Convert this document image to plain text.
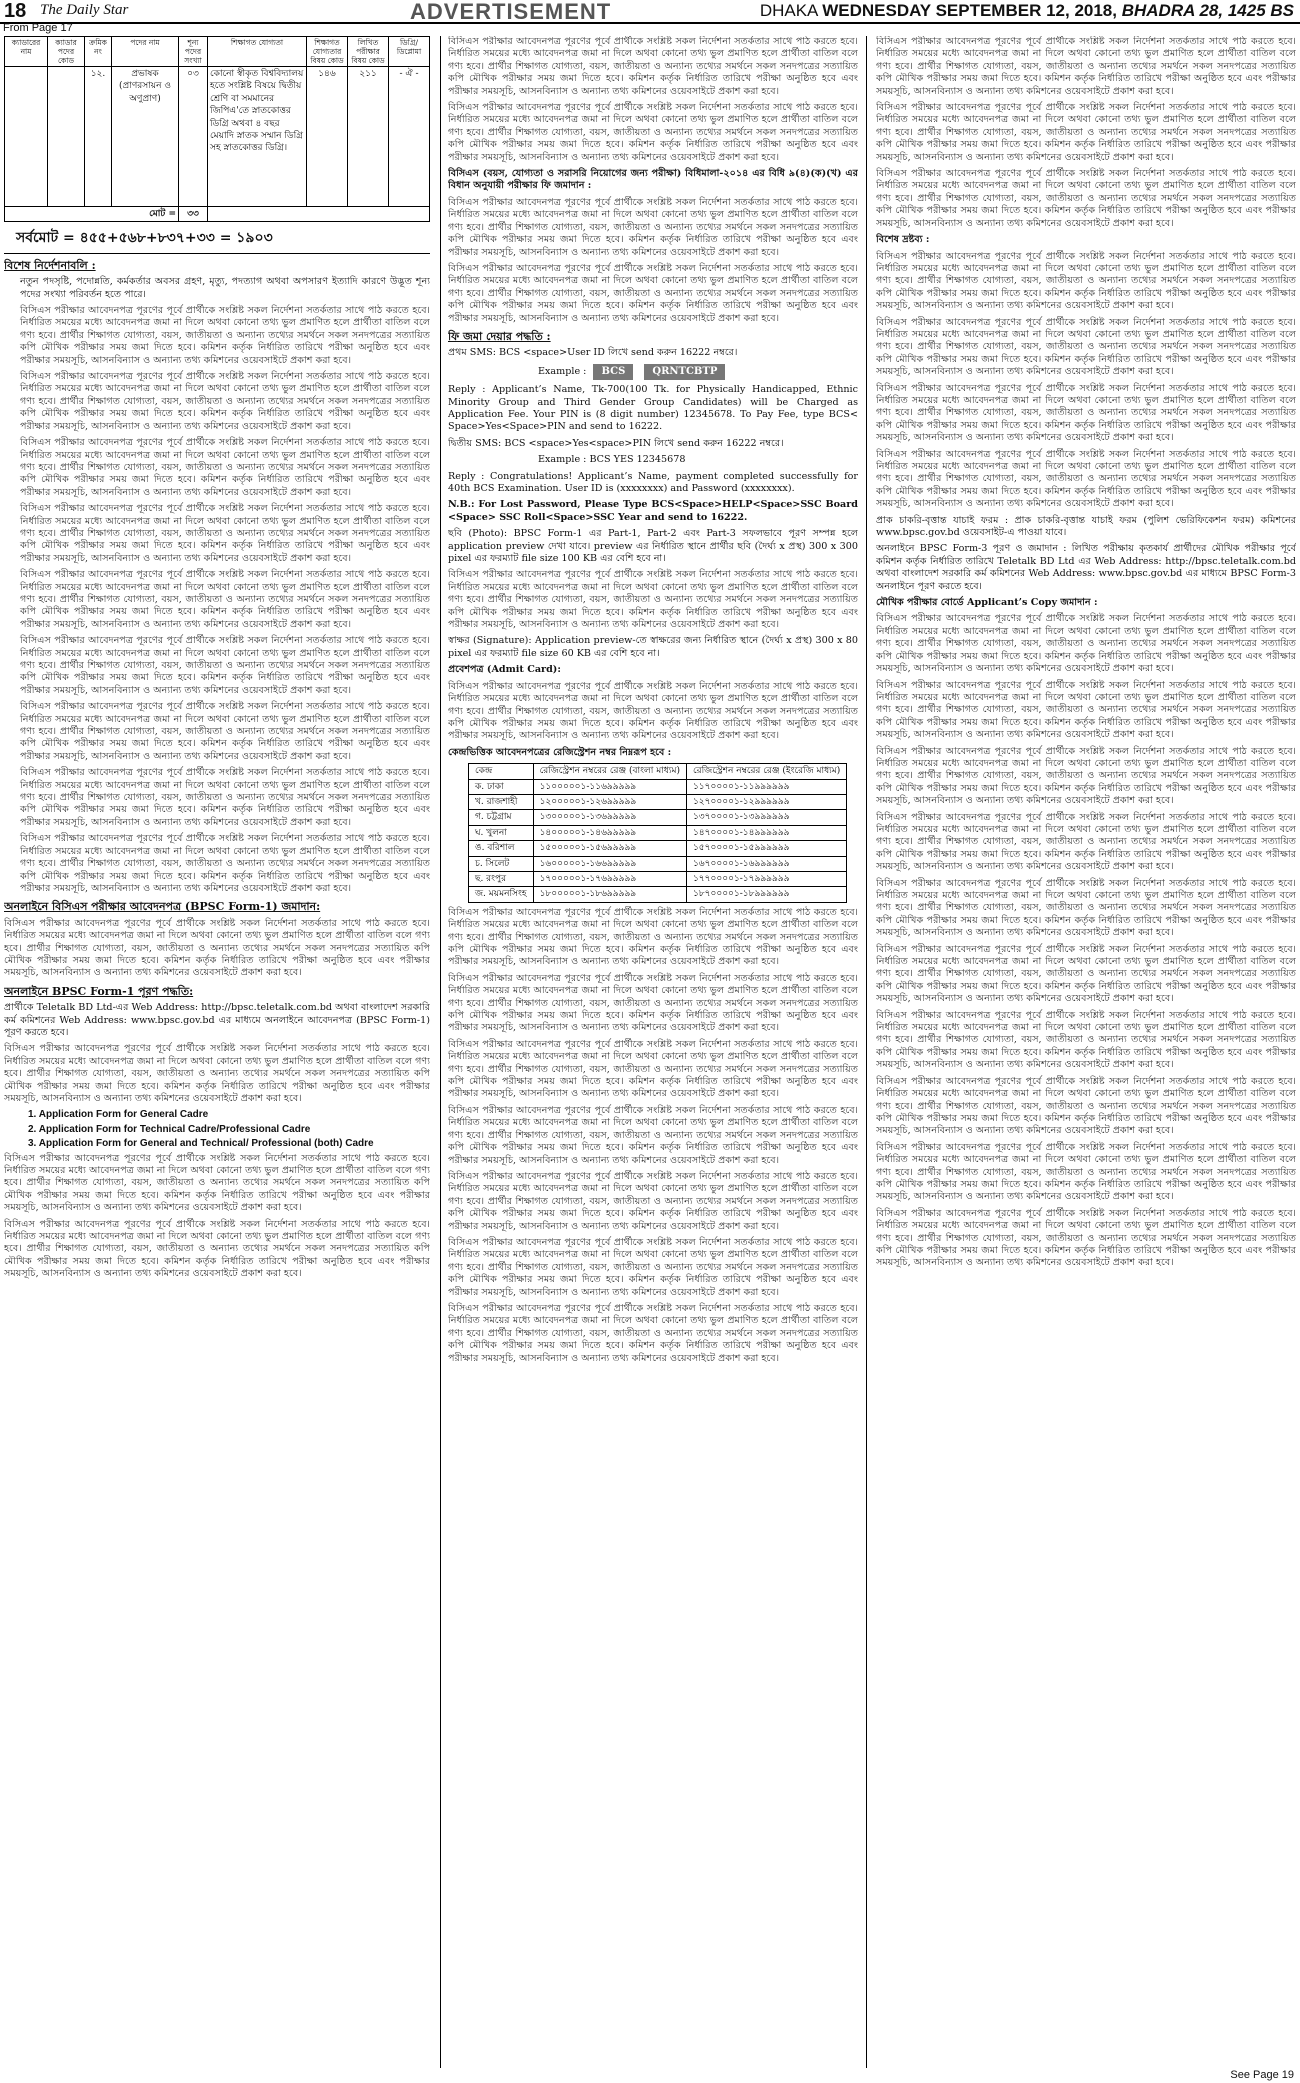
18 The Daily Star	ADVERTISEMENT	DHAKA WEDNESDAY SEPTEMBER 12, 2018, BHADRA 28, 1425 BS
From Page 17
ক্যাডারের নাম	ক্যাডার পদের কোড	ক্রমিক নং	পদের নাম	শূন্য পদের সংখ্যা	শিক্ষাগত যোগ্যতা	শিক্ষাগত যোগ্যতার বিষয় কোড	লিখিত পরীক্ষার বিষয় কোড	ডিগ্রি/ডিপ্লোমা
		১২.	প্রভাষক (প্রাণরসায়ন ও অণুপ্রাণ)	০৩	কোনো স্বীকৃত বিশ্ববিদ্যালয় হতে সংশ্লিষ্ট বিষয়ে দ্বিতীয় শ্রেণি বা সমমানের জিপিএ'তে স্নাতকোত্তর ডিগ্রি অথবা ৪ বছর মেয়াদি স্নাতক সম্মান ডিগ্রি সহ স্নাতকোত্তর ডিগ্রি।	১৪৬	২১১	- ঐ -
মোট =				৩৩				
সর্বমোট = ৪৫৫+৫৬৮+৮৩৭+৩৩ = ১৯০৩
বিশেষ নির্দেশনাবলি :
নতুন পদসৃষ্টি, পদোন্নতি, কর্মকর্তার অবসর গ্রহণ, মৃত্যু, পদত্যাগ অথবা অপসারণ ইত্যাদি কারণে উদ্ভূত শূন্য পদের সংখ্যা পরিবর্তন হতে পারে।
বিসিএস পরীক্ষার আবেদনপত্র পূরণের পূর্বে প্রার্থীকে সংশ্লিষ্ট সকল নির্দেশনা সতর্কতার সাথে পাঠ করতে হবে। নির্ধারিত সময়ের মধ্যে আবেদনপত্র জমা না দিলে অথবা কোনো তথ্য ভুল প্রমাণিত হলে প্রার্থীতা বাতিল বলে গণ্য হবে। প্রার্থীর শিক্ষাগত যোগ্যতা, বয়স, জাতীয়তা ও অন্যান্য তথ্যের সমর্থনে সকল সনদপত্রের সত্যায়িত কপি মৌখিক পরীক্ষার সময় জমা দিতে হবে। কমিশন কর্তৃক নির্ধারিত তারিখে পরীক্ষা অনুষ্ঠিত হবে এবং পরীক্ষার সময়সূচি, আসনবিন্যাস ও অন্যান্য তথ্য কমিশনের ওয়েবসাইটে প্রকাশ করা হবে।
বিসিএস পরীক্ষার আবেদনপত্র পূরণের পূর্বে প্রার্থীকে সংশ্লিষ্ট সকল নির্দেশনা সতর্কতার সাথে পাঠ করতে হবে। নির্ধারিত সময়ের মধ্যে আবেদনপত্র জমা না দিলে অথবা কোনো তথ্য ভুল প্রমাণিত হলে প্রার্থীতা বাতিল বলে গণ্য হবে। প্রার্থীর শিক্ষাগত যোগ্যতা, বয়স, জাতীয়তা ও অন্যান্য তথ্যের সমর্থনে সকল সনদপত্রের সত্যায়িত কপি মৌখিক পরীক্ষার সময় জমা দিতে হবে। কমিশন কর্তৃক নির্ধারিত তারিখে পরীক্ষা অনুষ্ঠিত হবে এবং পরীক্ষার সময়সূচি, আসনবিন্যাস ও অন্যান্য তথ্য কমিশনের ওয়েবসাইটে প্রকাশ করা হবে।
বিসিএস পরীক্ষার আবেদনপত্র পূরণের পূর্বে প্রার্থীকে সংশ্লিষ্ট সকল নির্দেশনা সতর্কতার সাথে পাঠ করতে হবে। নির্ধারিত সময়ের মধ্যে আবেদনপত্র জমা না দিলে অথবা কোনো তথ্য ভুল প্রমাণিত হলে প্রার্থীতা বাতিল বলে গণ্য হবে। প্রার্থীর শিক্ষাগত যোগ্যতা, বয়স, জাতীয়তা ও অন্যান্য তথ্যের সমর্থনে সকল সনদপত্রের সত্যায়িত কপি মৌখিক পরীক্ষার সময় জমা দিতে হবে। কমিশন কর্তৃক নির্ধারিত তারিখে পরীক্ষা অনুষ্ঠিত হবে এবং পরীক্ষার সময়সূচি, আসনবিন্যাস ও অন্যান্য তথ্য কমিশনের ওয়েবসাইটে প্রকাশ করা হবে।
বিসিএস পরীক্ষার আবেদনপত্র পূরণের পূর্বে প্রার্থীকে সংশ্লিষ্ট সকল নির্দেশনা সতর্কতার সাথে পাঠ করতে হবে। নির্ধারিত সময়ের মধ্যে আবেদনপত্র জমা না দিলে অথবা কোনো তথ্য ভুল প্রমাণিত হলে প্রার্থীতা বাতিল বলে গণ্য হবে। প্রার্থীর শিক্ষাগত যোগ্যতা, বয়স, জাতীয়তা ও অন্যান্য তথ্যের সমর্থনে সকল সনদপত্রের সত্যায়িত কপি মৌখিক পরীক্ষার সময় জমা দিতে হবে। কমিশন কর্তৃক নির্ধারিত তারিখে পরীক্ষা অনুষ্ঠিত হবে এবং পরীক্ষার সময়সূচি, আসনবিন্যাস ও অন্যান্য তথ্য কমিশনের ওয়েবসাইটে প্রকাশ করা হবে।
বিসিএস পরীক্ষার আবেদনপত্র পূরণের পূর্বে প্রার্থীকে সংশ্লিষ্ট সকল নির্দেশনা সতর্কতার সাথে পাঠ করতে হবে। নির্ধারিত সময়ের মধ্যে আবেদনপত্র জমা না দিলে অথবা কোনো তথ্য ভুল প্রমাণিত হলে প্রার্থীতা বাতিল বলে গণ্য হবে। প্রার্থীর শিক্ষাগত যোগ্যতা, বয়স, জাতীয়তা ও অন্যান্য তথ্যের সমর্থনে সকল সনদপত্রের সত্যায়িত কপি মৌখিক পরীক্ষার সময় জমা দিতে হবে। কমিশন কর্তৃক নির্ধারিত তারিখে পরীক্ষা অনুষ্ঠিত হবে এবং পরীক্ষার সময়সূচি, আসনবিন্যাস ও অন্যান্য তথ্য কমিশনের ওয়েবসাইটে প্রকাশ করা হবে।
বিসিএস পরীক্ষার আবেদনপত্র পূরণের পূর্বে প্রার্থীকে সংশ্লিষ্ট সকল নির্দেশনা সতর্কতার সাথে পাঠ করতে হবে। নির্ধারিত সময়ের মধ্যে আবেদনপত্র জমা না দিলে অথবা কোনো তথ্য ভুল প্রমাণিত হলে প্রার্থীতা বাতিল বলে গণ্য হবে। প্রার্থীর শিক্ষাগত যোগ্যতা, বয়স, জাতীয়তা ও অন্যান্য তথ্যের সমর্থনে সকল সনদপত্রের সত্যায়িত কপি মৌখিক পরীক্ষার সময় জমা দিতে হবে। কমিশন কর্তৃক নির্ধারিত তারিখে পরীক্ষা অনুষ্ঠিত হবে এবং পরীক্ষার সময়সূচি, আসনবিন্যাস ও অন্যান্য তথ্য কমিশনের ওয়েবসাইটে প্রকাশ করা হবে।
বিসিএস পরীক্ষার আবেদনপত্র পূরণের পূর্বে প্রার্থীকে সংশ্লিষ্ট সকল নির্দেশনা সতর্কতার সাথে পাঠ করতে হবে। নির্ধারিত সময়ের মধ্যে আবেদনপত্র জমা না দিলে অথবা কোনো তথ্য ভুল প্রমাণিত হলে প্রার্থীতা বাতিল বলে গণ্য হবে। প্রার্থীর শিক্ষাগত যোগ্যতা, বয়স, জাতীয়তা ও অন্যান্য তথ্যের সমর্থনে সকল সনদপত্রের সত্যায়িত কপি মৌখিক পরীক্ষার সময় জমা দিতে হবে। কমিশন কর্তৃক নির্ধারিত তারিখে পরীক্ষা অনুষ্ঠিত হবে এবং পরীক্ষার সময়সূচি, আসনবিন্যাস ও অন্যান্য তথ্য কমিশনের ওয়েবসাইটে প্রকাশ করা হবে।
বিসিএস পরীক্ষার আবেদনপত্র পূরণের পূর্বে প্রার্থীকে সংশ্লিষ্ট সকল নির্দেশনা সতর্কতার সাথে পাঠ করতে হবে। নির্ধারিত সময়ের মধ্যে আবেদনপত্র জমা না দিলে অথবা কোনো তথ্য ভুল প্রমাণিত হলে প্রার্থীতা বাতিল বলে গণ্য হবে। প্রার্থীর শিক্ষাগত যোগ্যতা, বয়স, জাতীয়তা ও অন্যান্য তথ্যের সমর্থনে সকল সনদপত্রের সত্যায়িত কপি মৌখিক পরীক্ষার সময় জমা দিতে হবে। কমিশন কর্তৃক নির্ধারিত তারিখে পরীক্ষা অনুষ্ঠিত হবে এবং পরীক্ষার সময়সূচি, আসনবিন্যাস ও অন্যান্য তথ্য কমিশনের ওয়েবসাইটে প্রকাশ করা হবে।
বিসিএস পরীক্ষার আবেদনপত্র পূরণের পূর্বে প্রার্থীকে সংশ্লিষ্ট সকল নির্দেশনা সতর্কতার সাথে পাঠ করতে হবে। নির্ধারিত সময়ের মধ্যে আবেদনপত্র জমা না দিলে অথবা কোনো তথ্য ভুল প্রমাণিত হলে প্রার্থীতা বাতিল বলে গণ্য হবে। প্রার্থীর শিক্ষাগত যোগ্যতা, বয়স, জাতীয়তা ও অন্যান্য তথ্যের সমর্থনে সকল সনদপত্রের সত্যায়িত কপি মৌখিক পরীক্ষার সময় জমা দিতে হবে। কমিশন কর্তৃক নির্ধারিত তারিখে পরীক্ষা অনুষ্ঠিত হবে এবং পরীক্ষার সময়সূচি, আসনবিন্যাস ও অন্যান্য তথ্য কমিশনের ওয়েবসাইটে প্রকাশ করা হবে।
অনলাইনে বিসিএস পরীক্ষার আবেদনপত্র (BPSC Form-1) জমাদান:
বিসিএস পরীক্ষার আবেদনপত্র পূরণের পূর্বে প্রার্থীকে সংশ্লিষ্ট সকল নির্দেশনা সতর্কতার সাথে পাঠ করতে হবে। নির্ধারিত সময়ের মধ্যে আবেদনপত্র জমা না দিলে অথবা কোনো তথ্য ভুল প্রমাণিত হলে প্রার্থীতা বাতিল বলে গণ্য হবে। প্রার্থীর শিক্ষাগত যোগ্যতা, বয়স, জাতীয়তা ও অন্যান্য তথ্যের সমর্থনে সকল সনদপত্রের সত্যায়িত কপি মৌখিক পরীক্ষার সময় জমা দিতে হবে। কমিশন কর্তৃক নির্ধারিত তারিখে পরীক্ষা অনুষ্ঠিত হবে এবং পরীক্ষার সময়সূচি, আসনবিন্যাস ও অন্যান্য তথ্য কমিশনের ওয়েবসাইটে প্রকাশ করা হবে।
অনলাইনে BPSC Form-1 পূরণ পদ্ধতি:
প্রার্থীকে Teletalk BD Ltd-এর Web Address: http://bpsc.teletalk.com.bd অথবা বাংলাদেশ সরকারি কর্ম কমিশনের Web Address: www.bpsc.gov.bd এর মাধ্যমে অনলাইনে আবেদনপত্র (BPSC Form-1) পূরণ করতে হবে।
বিসিএস পরীক্ষার আবেদনপত্র পূরণের পূর্বে প্রার্থীকে সংশ্লিষ্ট সকল নির্দেশনা সতর্কতার সাথে পাঠ করতে হবে। নির্ধারিত সময়ের মধ্যে আবেদনপত্র জমা না দিলে অথবা কোনো তথ্য ভুল প্রমাণিত হলে প্রার্থীতা বাতিল বলে গণ্য হবে। প্রার্থীর শিক্ষাগত যোগ্যতা, বয়স, জাতীয়তা ও অন্যান্য তথ্যের সমর্থনে সকল সনদপত্রের সত্যায়িত কপি মৌখিক পরীক্ষার সময় জমা দিতে হবে। কমিশন কর্তৃক নির্ধারিত তারিখে পরীক্ষা অনুষ্ঠিত হবে এবং পরীক্ষার সময়সূচি, আসনবিন্যাস ও অন্যান্য তথ্য কমিশনের ওয়েবসাইটে প্রকাশ করা হবে।
1. Application Form for General Cadre
2. Application Form for Technical Cadre/Professional Cadre
3. Application Form for General and Technical/ Professional (both) Cadre
বিসিএস পরীক্ষার আবেদনপত্র পূরণের পূর্বে প্রার্থীকে সংশ্লিষ্ট সকল নির্দেশনা সতর্কতার সাথে পাঠ করতে হবে। নির্ধারিত সময়ের মধ্যে আবেদনপত্র জমা না দিলে অথবা কোনো তথ্য ভুল প্রমাণিত হলে প্রার্থীতা বাতিল বলে গণ্য হবে। প্রার্থীর শিক্ষাগত যোগ্যতা, বয়স, জাতীয়তা ও অন্যান্য তথ্যের সমর্থনে সকল সনদপত্রের সত্যায়িত কপি মৌখিক পরীক্ষার সময় জমা দিতে হবে। কমিশন কর্তৃক নির্ধারিত তারিখে পরীক্ষা অনুষ্ঠিত হবে এবং পরীক্ষার সময়সূচি, আসনবিন্যাস ও অন্যান্য তথ্য কমিশনের ওয়েবসাইটে প্রকাশ করা হবে।
বিসিএস পরীক্ষার আবেদনপত্র পূরণের পূর্বে প্রার্থীকে সংশ্লিষ্ট সকল নির্দেশনা সতর্কতার সাথে পাঠ করতে হবে। নির্ধারিত সময়ের মধ্যে আবেদনপত্র জমা না দিলে অথবা কোনো তথ্য ভুল প্রমাণিত হলে প্রার্থীতা বাতিল বলে গণ্য হবে। প্রার্থীর শিক্ষাগত যোগ্যতা, বয়স, জাতীয়তা ও অন্যান্য তথ্যের সমর্থনে সকল সনদপত্রের সত্যায়িত কপি মৌখিক পরীক্ষার সময় জমা দিতে হবে। কমিশন কর্তৃক নির্ধারিত তারিখে পরীক্ষা অনুষ্ঠিত হবে এবং পরীক্ষার সময়সূচি, আসনবিন্যাস ও অন্যান্য তথ্য কমিশনের ওয়েবসাইটে প্রকাশ করা হবে।
বিসিএস পরীক্ষার আবেদনপত্র পূরণের পূর্বে প্রার্থীকে সংশ্লিষ্ট সকল নির্দেশনা সতর্কতার সাথে পাঠ করতে হবে। নির্ধারিত সময়ের মধ্যে আবেদনপত্র জমা না দিলে অথবা কোনো তথ্য ভুল প্রমাণিত হলে প্রার্থীতা বাতিল বলে গণ্য হবে। প্রার্থীর শিক্ষাগত যোগ্যতা, বয়স, জাতীয়তা ও অন্যান্য তথ্যের সমর্থনে সকল সনদপত্রের সত্যায়িত কপি মৌখিক পরীক্ষার সময় জমা দিতে হবে। কমিশন কর্তৃক নির্ধারিত তারিখে পরীক্ষা অনুষ্ঠিত হবে এবং পরীক্ষার সময়সূচি, আসনবিন্যাস ও অন্যান্য তথ্য কমিশনের ওয়েবসাইটে প্রকাশ করা হবে।
বিসিএস পরীক্ষার আবেদনপত্র পূরণের পূর্বে প্রার্থীকে সংশ্লিষ্ট সকল নির্দেশনা সতর্কতার সাথে পাঠ করতে হবে। নির্ধারিত সময়ের মধ্যে আবেদনপত্র জমা না দিলে অথবা কোনো তথ্য ভুল প্রমাণিত হলে প্রার্থীতা বাতিল বলে গণ্য হবে। প্রার্থীর শিক্ষাগত যোগ্যতা, বয়স, জাতীয়তা ও অন্যান্য তথ্যের সমর্থনে সকল সনদপত্রের সত্যায়িত কপি মৌখিক পরীক্ষার সময় জমা দিতে হবে। কমিশন কর্তৃক নির্ধারিত তারিখে পরীক্ষা অনুষ্ঠিত হবে এবং পরীক্ষার সময়সূচি, আসনবিন্যাস ও অন্যান্য তথ্য কমিশনের ওয়েবসাইটে প্রকাশ করা হবে।
বিসিএস (বয়স, যোগ্যতা ও সরাসরি নিয়োগের জন্য পরীক্ষা) বিধিমালা-২০১৪ এর বিধি ৯(৪)(ক)(খ) এর বিধান অনুযায়ী পরীক্ষার ফি জমাদান :
বিসিএস পরীক্ষার আবেদনপত্র পূরণের পূর্বে প্রার্থীকে সংশ্লিষ্ট সকল নির্দেশনা সতর্কতার সাথে পাঠ করতে হবে। নির্ধারিত সময়ের মধ্যে আবেদনপত্র জমা না দিলে অথবা কোনো তথ্য ভুল প্রমাণিত হলে প্রার্থীতা বাতিল বলে গণ্য হবে। প্রার্থীর শিক্ষাগত যোগ্যতা, বয়স, জাতীয়তা ও অন্যান্য তথ্যের সমর্থনে সকল সনদপত্রের সত্যায়িত কপি মৌখিক পরীক্ষার সময় জমা দিতে হবে। কমিশন কর্তৃক নির্ধারিত তারিখে পরীক্ষা অনুষ্ঠিত হবে এবং পরীক্ষার সময়সূচি, আসনবিন্যাস ও অন্যান্য তথ্য কমিশনের ওয়েবসাইটে প্রকাশ করা হবে।
বিসিএস পরীক্ষার আবেদনপত্র পূরণের পূর্বে প্রার্থীকে সংশ্লিষ্ট সকল নির্দেশনা সতর্কতার সাথে পাঠ করতে হবে। নির্ধারিত সময়ের মধ্যে আবেদনপত্র জমা না দিলে অথবা কোনো তথ্য ভুল প্রমাণিত হলে প্রার্থীতা বাতিল বলে গণ্য হবে। প্রার্থীর শিক্ষাগত যোগ্যতা, বয়স, জাতীয়তা ও অন্যান্য তথ্যের সমর্থনে সকল সনদপত্রের সত্যায়িত কপি মৌখিক পরীক্ষার সময় জমা দিতে হবে। কমিশন কর্তৃক নির্ধারিত তারিখে পরীক্ষা অনুষ্ঠিত হবে এবং পরীক্ষার সময়সূচি, আসনবিন্যাস ও অন্যান্য তথ্য কমিশনের ওয়েবসাইটে প্রকাশ করা হবে।
ফি জমা দেয়ার পদ্ধতি :
প্রথম SMS: BCS <space>User ID লিখে send করুন 16222 নম্বরে।
Example : BCS	QRNTCBTP
Reply : Applicant’s Name, Tk-700(100 Tk. for Physically Handicapped, Ethnic Minority Group and Third Gender Group Candidates) will be Charged as Application Fee. Your PIN is (8 digit number) 12345678. To Pay Fee, type BCS< Space>Yes<Space>PIN and send to 16222.
দ্বিতীয় SMS: BCS <space>Yes<space>PIN লিখে send করুন 16222 নম্বরে।
Example : BCS YES 12345678
Reply : Congratulations! Applicant’s Name, payment completed successfully for 40th BCS Examination. User ID is (xxxxxxxx) and Password (xxxxxxxx).
N.B.: For Lost Password, Please Type BCS<Space>HELP<Space>SSC Board <Space> SSC Roll<Space>SSC Year and send to 16222.
ছবি (Photo): BPSC Form-1 এর Part-1, Part-2 এবং Part-3 সফলভাবে পূরণ সম্পন্ন হলে application preview দেখা যাবে। preview এর নির্ধারিত স্থানে প্রার্থীর ছবি (দৈর্ঘ্য x প্রস্থ) 300 x 300 pixel এর ফরম্যাট file size 100 KB এর বেশি হবে না।
বিসিএস পরীক্ষার আবেদনপত্র পূরণের পূর্বে প্রার্থীকে সংশ্লিষ্ট সকল নির্দেশনা সতর্কতার সাথে পাঠ করতে হবে। নির্ধারিত সময়ের মধ্যে আবেদনপত্র জমা না দিলে অথবা কোনো তথ্য ভুল প্রমাণিত হলে প্রার্থীতা বাতিল বলে গণ্য হবে। প্রার্থীর শিক্ষাগত যোগ্যতা, বয়স, জাতীয়তা ও অন্যান্য তথ্যের সমর্থনে সকল সনদপত্রের সত্যায়িত কপি মৌখিক পরীক্ষার সময় জমা দিতে হবে। কমিশন কর্তৃক নির্ধারিত তারিখে পরীক্ষা অনুষ্ঠিত হবে এবং পরীক্ষার সময়সূচি, আসনবিন্যাস ও অন্যান্য তথ্য কমিশনের ওয়েবসাইটে প্রকাশ করা হবে।
স্বাক্ষর (Signature): Application preview-তে স্বাক্ষরের জন্য নির্ধারিত স্থানে (দৈর্ঘ্য x প্রস্থ) 300 x 80 pixel এর ফরম্যাট file size 60 KB এর বেশি হবে না।
প্রবেশপত্র (Admit Card):
বিসিএস পরীক্ষার আবেদনপত্র পূরণের পূর্বে প্রার্থীকে সংশ্লিষ্ট সকল নির্দেশনা সতর্কতার সাথে পাঠ করতে হবে। নির্ধারিত সময়ের মধ্যে আবেদনপত্র জমা না দিলে অথবা কোনো তথ্য ভুল প্রমাণিত হলে প্রার্থীতা বাতিল বলে গণ্য হবে। প্রার্থীর শিক্ষাগত যোগ্যতা, বয়স, জাতীয়তা ও অন্যান্য তথ্যের সমর্থনে সকল সনদপত্রের সত্যায়িত কপি মৌখিক পরীক্ষার সময় জমা দিতে হবে। কমিশন কর্তৃক নির্ধারিত তারিখে পরীক্ষা অনুষ্ঠিত হবে এবং পরীক্ষার সময়সূচি, আসনবিন্যাস ও অন্যান্য তথ্য কমিশনের ওয়েবসাইটে প্রকাশ করা হবে।
কেন্দ্রভিত্তিক আবেদনপত্রের রেজিস্ট্রেশন নম্বর নিম্নরূপ হবে :
কেন্দ্র	রেজিস্ট্রেশন নম্বরের রেঞ্জ (বাংলা মাধ্যম)	রেজিস্ট্রেশন নম্বরের রেঞ্জ (ইংরেজি মাধ্যম)
ক. ঢাকা	১১০০০০০১-১১৬৯৯৯৯৯	১১৭০০০০১-১১৯৯৯৯৯৯
খ. রাজশাহী	১২০০০০০১-১২৬৯৯৯৯৯	১২৭০০০০১-১২৯৯৯৯৯৯
গ. চট্টগ্রাম	১৩০০০০০১-১৩৬৯৯৯৯৯	১৩৭০০০০১-১৩৯৯৯৯৯৯
ঘ. খুলনা	১৪০০০০০১-১৪৬৯৯৯৯৯	১৪৭০০০০১-১৪৯৯৯৯৯৯
ঙ. বরিশাল	১৫০০০০০১-১৫৬৯৯৯৯৯	১৫৭০০০০১-১৫৯৯৯৯৯৯
চ. সিলেট	১৬০০০০০১-১৬৬৯৯৯৯৯	১৬৭০০০০১-১৬৯৯৯৯৯৯
ছ. রংপুর	১৭০০০০০১-১৭৬৯৯৯৯৯	১৭৭০০০০১-১৭৯৯৯৯৯৯
জ. ময়মনসিংহ	১৮০০০০০১-১৮৬৯৯৯৯৯	১৮৭০০০০১-১৮৯৯৯৯৯৯
বিসিএস পরীক্ষার আবেদনপত্র পূরণের পূর্বে প্রার্থীকে সংশ্লিষ্ট সকল নির্দেশনা সতর্কতার সাথে পাঠ করতে হবে। নির্ধারিত সময়ের মধ্যে আবেদনপত্র জমা না দিলে অথবা কোনো তথ্য ভুল প্রমাণিত হলে প্রার্থীতা বাতিল বলে গণ্য হবে। প্রার্থীর শিক্ষাগত যোগ্যতা, বয়স, জাতীয়তা ও অন্যান্য তথ্যের সমর্থনে সকল সনদপত্রের সত্যায়িত কপি মৌখিক পরীক্ষার সময় জমা দিতে হবে। কমিশন কর্তৃক নির্ধারিত তারিখে পরীক্ষা অনুষ্ঠিত হবে এবং পরীক্ষার সময়সূচি, আসনবিন্যাস ও অন্যান্য তথ্য কমিশনের ওয়েবসাইটে প্রকাশ করা হবে।
বিসিএস পরীক্ষার আবেদনপত্র পূরণের পূর্বে প্রার্থীকে সংশ্লিষ্ট সকল নির্দেশনা সতর্কতার সাথে পাঠ করতে হবে। নির্ধারিত সময়ের মধ্যে আবেদনপত্র জমা না দিলে অথবা কোনো তথ্য ভুল প্রমাণিত হলে প্রার্থীতা বাতিল বলে গণ্য হবে। প্রার্থীর শিক্ষাগত যোগ্যতা, বয়স, জাতীয়তা ও অন্যান্য তথ্যের সমর্থনে সকল সনদপত্রের সত্যায়িত কপি মৌখিক পরীক্ষার সময় জমা দিতে হবে। কমিশন কর্তৃক নির্ধারিত তারিখে পরীক্ষা অনুষ্ঠিত হবে এবং পরীক্ষার সময়সূচি, আসনবিন্যাস ও অন্যান্য তথ্য কমিশনের ওয়েবসাইটে প্রকাশ করা হবে।
বিসিএস পরীক্ষার আবেদনপত্র পূরণের পূর্বে প্রার্থীকে সংশ্লিষ্ট সকল নির্দেশনা সতর্কতার সাথে পাঠ করতে হবে। নির্ধারিত সময়ের মধ্যে আবেদনপত্র জমা না দিলে অথবা কোনো তথ্য ভুল প্রমাণিত হলে প্রার্থীতা বাতিল বলে গণ্য হবে। প্রার্থীর শিক্ষাগত যোগ্যতা, বয়স, জাতীয়তা ও অন্যান্য তথ্যের সমর্থনে সকল সনদপত্রের সত্যায়িত কপি মৌখিক পরীক্ষার সময় জমা দিতে হবে। কমিশন কর্তৃক নির্ধারিত তারিখে পরীক্ষা অনুষ্ঠিত হবে এবং পরীক্ষার সময়সূচি, আসনবিন্যাস ও অন্যান্য তথ্য কমিশনের ওয়েবসাইটে প্রকাশ করা হবে।
বিসিএস পরীক্ষার আবেদনপত্র পূরণের পূর্বে প্রার্থীকে সংশ্লিষ্ট সকল নির্দেশনা সতর্কতার সাথে পাঠ করতে হবে। নির্ধারিত সময়ের মধ্যে আবেদনপত্র জমা না দিলে অথবা কোনো তথ্য ভুল প্রমাণিত হলে প্রার্থীতা বাতিল বলে গণ্য হবে। প্রার্থীর শিক্ষাগত যোগ্যতা, বয়স, জাতীয়তা ও অন্যান্য তথ্যের সমর্থনে সকল সনদপত্রের সত্যায়িত কপি মৌখিক পরীক্ষার সময় জমা দিতে হবে। কমিশন কর্তৃক নির্ধারিত তারিখে পরীক্ষা অনুষ্ঠিত হবে এবং পরীক্ষার সময়সূচি, আসনবিন্যাস ও অন্যান্য তথ্য কমিশনের ওয়েবসাইটে প্রকাশ করা হবে।
বিসিএস পরীক্ষার আবেদনপত্র পূরণের পূর্বে প্রার্থীকে সংশ্লিষ্ট সকল নির্দেশনা সতর্কতার সাথে পাঠ করতে হবে। নির্ধারিত সময়ের মধ্যে আবেদনপত্র জমা না দিলে অথবা কোনো তথ্য ভুল প্রমাণিত হলে প্রার্থীতা বাতিল বলে গণ্য হবে। প্রার্থীর শিক্ষাগত যোগ্যতা, বয়স, জাতীয়তা ও অন্যান্য তথ্যের সমর্থনে সকল সনদপত্রের সত্যায়িত কপি মৌখিক পরীক্ষার সময় জমা দিতে হবে। কমিশন কর্তৃক নির্ধারিত তারিখে পরীক্ষা অনুষ্ঠিত হবে এবং পরীক্ষার সময়সূচি, আসনবিন্যাস ও অন্যান্য তথ্য কমিশনের ওয়েবসাইটে প্রকাশ করা হবে।
বিসিএস পরীক্ষার আবেদনপত্র পূরণের পূর্বে প্রার্থীকে সংশ্লিষ্ট সকল নির্দেশনা সতর্কতার সাথে পাঠ করতে হবে। নির্ধারিত সময়ের মধ্যে আবেদনপত্র জমা না দিলে অথবা কোনো তথ্য ভুল প্রমাণিত হলে প্রার্থীতা বাতিল বলে গণ্য হবে। প্রার্থীর শিক্ষাগত যোগ্যতা, বয়স, জাতীয়তা ও অন্যান্য তথ্যের সমর্থনে সকল সনদপত্রের সত্যায়িত কপি মৌখিক পরীক্ষার সময় জমা দিতে হবে। কমিশন কর্তৃক নির্ধারিত তারিখে পরীক্ষা অনুষ্ঠিত হবে এবং পরীক্ষার সময়সূচি, আসনবিন্যাস ও অন্যান্য তথ্য কমিশনের ওয়েবসাইটে প্রকাশ করা হবে।
বিসিএস পরীক্ষার আবেদনপত্র পূরণের পূর্বে প্রার্থীকে সংশ্লিষ্ট সকল নির্দেশনা সতর্কতার সাথে পাঠ করতে হবে। নির্ধারিত সময়ের মধ্যে আবেদনপত্র জমা না দিলে অথবা কোনো তথ্য ভুল প্রমাণিত হলে প্রার্থীতা বাতিল বলে গণ্য হবে। প্রার্থীর শিক্ষাগত যোগ্যতা, বয়স, জাতীয়তা ও অন্যান্য তথ্যের সমর্থনে সকল সনদপত্রের সত্যায়িত কপি মৌখিক পরীক্ষার সময় জমা দিতে হবে। কমিশন কর্তৃক নির্ধারিত তারিখে পরীক্ষা অনুষ্ঠিত হবে এবং পরীক্ষার সময়সূচি, আসনবিন্যাস ও অন্যান্য তথ্য কমিশনের ওয়েবসাইটে প্রকাশ করা হবে।
বিসিএস পরীক্ষার আবেদনপত্র পূরণের পূর্বে প্রার্থীকে সংশ্লিষ্ট সকল নির্দেশনা সতর্কতার সাথে পাঠ করতে হবে। নির্ধারিত সময়ের মধ্যে আবেদনপত্র জমা না দিলে অথবা কোনো তথ্য ভুল প্রমাণিত হলে প্রার্থীতা বাতিল বলে গণ্য হবে। প্রার্থীর শিক্ষাগত যোগ্যতা, বয়স, জাতীয়তা ও অন্যান্য তথ্যের সমর্থনে সকল সনদপত্রের সত্যায়িত কপি মৌখিক পরীক্ষার সময় জমা দিতে হবে। কমিশন কর্তৃক নির্ধারিত তারিখে পরীক্ষা অনুষ্ঠিত হবে এবং পরীক্ষার সময়সূচি, আসনবিন্যাস ও অন্যান্য তথ্য কমিশনের ওয়েবসাইটে প্রকাশ করা হবে।
বিসিএস পরীক্ষার আবেদনপত্র পূরণের পূর্বে প্রার্থীকে সংশ্লিষ্ট সকল নির্দেশনা সতর্কতার সাথে পাঠ করতে হবে। নির্ধারিত সময়ের মধ্যে আবেদনপত্র জমা না দিলে অথবা কোনো তথ্য ভুল প্রমাণিত হলে প্রার্থীতা বাতিল বলে গণ্য হবে। প্রার্থীর শিক্ষাগত যোগ্যতা, বয়স, জাতীয়তা ও অন্যান্য তথ্যের সমর্থনে সকল সনদপত্রের সত্যায়িত কপি মৌখিক পরীক্ষার সময় জমা দিতে হবে। কমিশন কর্তৃক নির্ধারিত তারিখে পরীক্ষা অনুষ্ঠিত হবে এবং পরীক্ষার সময়সূচি, আসনবিন্যাস ও অন্যান্য তথ্য কমিশনের ওয়েবসাইটে প্রকাশ করা হবে।
বিসিএস পরীক্ষার আবেদনপত্র পূরণের পূর্বে প্রার্থীকে সংশ্লিষ্ট সকল নির্দেশনা সতর্কতার সাথে পাঠ করতে হবে। নির্ধারিত সময়ের মধ্যে আবেদনপত্র জমা না দিলে অথবা কোনো তথ্য ভুল প্রমাণিত হলে প্রার্থীতা বাতিল বলে গণ্য হবে। প্রার্থীর শিক্ষাগত যোগ্যতা, বয়স, জাতীয়তা ও অন্যান্য তথ্যের সমর্থনে সকল সনদপত্রের সত্যায়িত কপি মৌখিক পরীক্ষার সময় জমা দিতে হবে। কমিশন কর্তৃক নির্ধারিত তারিখে পরীক্ষা অনুষ্ঠিত হবে এবং পরীক্ষার সময়সূচি, আসনবিন্যাস ও অন্যান্য তথ্য কমিশনের ওয়েবসাইটে প্রকাশ করা হবে।
বিশেষ দ্রষ্টব্য :
বিসিএস পরীক্ষার আবেদনপত্র পূরণের পূর্বে প্রার্থীকে সংশ্লিষ্ট সকল নির্দেশনা সতর্কতার সাথে পাঠ করতে হবে। নির্ধারিত সময়ের মধ্যে আবেদনপত্র জমা না দিলে অথবা কোনো তথ্য ভুল প্রমাণিত হলে প্রার্থীতা বাতিল বলে গণ্য হবে। প্রার্থীর শিক্ষাগত যোগ্যতা, বয়স, জাতীয়তা ও অন্যান্য তথ্যের সমর্থনে সকল সনদপত্রের সত্যায়িত কপি মৌখিক পরীক্ষার সময় জমা দিতে হবে। কমিশন কর্তৃক নির্ধারিত তারিখে পরীক্ষা অনুষ্ঠিত হবে এবং পরীক্ষার সময়সূচি, আসনবিন্যাস ও অন্যান্য তথ্য কমিশনের ওয়েবসাইটে প্রকাশ করা হবে।
বিসিএস পরীক্ষার আবেদনপত্র পূরণের পূর্বে প্রার্থীকে সংশ্লিষ্ট সকল নির্দেশনা সতর্কতার সাথে পাঠ করতে হবে। নির্ধারিত সময়ের মধ্যে আবেদনপত্র জমা না দিলে অথবা কোনো তথ্য ভুল প্রমাণিত হলে প্রার্থীতা বাতিল বলে গণ্য হবে। প্রার্থীর শিক্ষাগত যোগ্যতা, বয়স, জাতীয়তা ও অন্যান্য তথ্যের সমর্থনে সকল সনদপত্রের সত্যায়িত কপি মৌখিক পরীক্ষার সময় জমা দিতে হবে। কমিশন কর্তৃক নির্ধারিত তারিখে পরীক্ষা অনুষ্ঠিত হবে এবং পরীক্ষার সময়সূচি, আসনবিন্যাস ও অন্যান্য তথ্য কমিশনের ওয়েবসাইটে প্রকাশ করা হবে।
বিসিএস পরীক্ষার আবেদনপত্র পূরণের পূর্বে প্রার্থীকে সংশ্লিষ্ট সকল নির্দেশনা সতর্কতার সাথে পাঠ করতে হবে। নির্ধারিত সময়ের মধ্যে আবেদনপত্র জমা না দিলে অথবা কোনো তথ্য ভুল প্রমাণিত হলে প্রার্থীতা বাতিল বলে গণ্য হবে। প্রার্থীর শিক্ষাগত যোগ্যতা, বয়স, জাতীয়তা ও অন্যান্য তথ্যের সমর্থনে সকল সনদপত্রের সত্যায়িত কপি মৌখিক পরীক্ষার সময় জমা দিতে হবে। কমিশন কর্তৃক নির্ধারিত তারিখে পরীক্ষা অনুষ্ঠিত হবে এবং পরীক্ষার সময়সূচি, আসনবিন্যাস ও অন্যান্য তথ্য কমিশনের ওয়েবসাইটে প্রকাশ করা হবে।
বিসিএস পরীক্ষার আবেদনপত্র পূরণের পূর্বে প্রার্থীকে সংশ্লিষ্ট সকল নির্দেশনা সতর্কতার সাথে পাঠ করতে হবে। নির্ধারিত সময়ের মধ্যে আবেদনপত্র জমা না দিলে অথবা কোনো তথ্য ভুল প্রমাণিত হলে প্রার্থীতা বাতিল বলে গণ্য হবে। প্রার্থীর শিক্ষাগত যোগ্যতা, বয়স, জাতীয়তা ও অন্যান্য তথ্যের সমর্থনে সকল সনদপত্রের সত্যায়িত কপি মৌখিক পরীক্ষার সময় জমা দিতে হবে। কমিশন কর্তৃক নির্ধারিত তারিখে পরীক্ষা অনুষ্ঠিত হবে এবং পরীক্ষার সময়সূচি, আসনবিন্যাস ও অন্যান্য তথ্য কমিশনের ওয়েবসাইটে প্রকাশ করা হবে।
প্রাক চাকরি-বৃত্তান্ত যাচাই ফরম : প্রাক চাকরি-বৃত্তান্ত যাচাই ফরম (পুলিশ ভেরিফিকেশন ফরম) কমিশনের www.bpsc.gov.bd ওয়েবসাইট-এ পাওয়া যাবে।
অনলাইনে BPSC Form-3 পূরণ ও জমাদান : লিখিত পরীক্ষায় কৃতকার্য প্রার্থীদের মৌখিক পরীক্ষার পূর্বে কমিশন কর্তৃক নির্ধারিত তারিখে Teletalk BD Ltd এর Web Address: http://bpsc.teletalk.com.bd অথবা বাংলাদেশ সরকারি কর্ম কমিশনের Web Address: www.bpsc.gov.bd এর মাধ্যমে BPSC Form-3 অনলাইনে পূরণ করতে হবে।
মৌখিক পরীক্ষার বোর্ডে Applicant’s Copy জমাদান :
বিসিএস পরীক্ষার আবেদনপত্র পূরণের পূর্বে প্রার্থীকে সংশ্লিষ্ট সকল নির্দেশনা সতর্কতার সাথে পাঠ করতে হবে। নির্ধারিত সময়ের মধ্যে আবেদনপত্র জমা না দিলে অথবা কোনো তথ্য ভুল প্রমাণিত হলে প্রার্থীতা বাতিল বলে গণ্য হবে। প্রার্থীর শিক্ষাগত যোগ্যতা, বয়স, জাতীয়তা ও অন্যান্য তথ্যের সমর্থনে সকল সনদপত্রের সত্যায়িত কপি মৌখিক পরীক্ষার সময় জমা দিতে হবে। কমিশন কর্তৃক নির্ধারিত তারিখে পরীক্ষা অনুষ্ঠিত হবে এবং পরীক্ষার সময়সূচি, আসনবিন্যাস ও অন্যান্য তথ্য কমিশনের ওয়েবসাইটে প্রকাশ করা হবে।
বিসিএস পরীক্ষার আবেদনপত্র পূরণের পূর্বে প্রার্থীকে সংশ্লিষ্ট সকল নির্দেশনা সতর্কতার সাথে পাঠ করতে হবে। নির্ধারিত সময়ের মধ্যে আবেদনপত্র জমা না দিলে অথবা কোনো তথ্য ভুল প্রমাণিত হলে প্রার্থীতা বাতিল বলে গণ্য হবে। প্রার্থীর শিক্ষাগত যোগ্যতা, বয়স, জাতীয়তা ও অন্যান্য তথ্যের সমর্থনে সকল সনদপত্রের সত্যায়িত কপি মৌখিক পরীক্ষার সময় জমা দিতে হবে। কমিশন কর্তৃক নির্ধারিত তারিখে পরীক্ষা অনুষ্ঠিত হবে এবং পরীক্ষার সময়সূচি, আসনবিন্যাস ও অন্যান্য তথ্য কমিশনের ওয়েবসাইটে প্রকাশ করা হবে।
বিসিএস পরীক্ষার আবেদনপত্র পূরণের পূর্বে প্রার্থীকে সংশ্লিষ্ট সকল নির্দেশনা সতর্কতার সাথে পাঠ করতে হবে। নির্ধারিত সময়ের মধ্যে আবেদনপত্র জমা না দিলে অথবা কোনো তথ্য ভুল প্রমাণিত হলে প্রার্থীতা বাতিল বলে গণ্য হবে। প্রার্থীর শিক্ষাগত যোগ্যতা, বয়স, জাতীয়তা ও অন্যান্য তথ্যের সমর্থনে সকল সনদপত্রের সত্যায়িত কপি মৌখিক পরীক্ষার সময় জমা দিতে হবে। কমিশন কর্তৃক নির্ধারিত তারিখে পরীক্ষা অনুষ্ঠিত হবে এবং পরীক্ষার সময়সূচি, আসনবিন্যাস ও অন্যান্য তথ্য কমিশনের ওয়েবসাইটে প্রকাশ করা হবে।
বিসিএস পরীক্ষার আবেদনপত্র পূরণের পূর্বে প্রার্থীকে সংশ্লিষ্ট সকল নির্দেশনা সতর্কতার সাথে পাঠ করতে হবে। নির্ধারিত সময়ের মধ্যে আবেদনপত্র জমা না দিলে অথবা কোনো তথ্য ভুল প্রমাণিত হলে প্রার্থীতা বাতিল বলে গণ্য হবে। প্রার্থীর শিক্ষাগত যোগ্যতা, বয়স, জাতীয়তা ও অন্যান্য তথ্যের সমর্থনে সকল সনদপত্রের সত্যায়িত কপি মৌখিক পরীক্ষার সময় জমা দিতে হবে। কমিশন কর্তৃক নির্ধারিত তারিখে পরীক্ষা অনুষ্ঠিত হবে এবং পরীক্ষার সময়সূচি, আসনবিন্যাস ও অন্যান্য তথ্য কমিশনের ওয়েবসাইটে প্রকাশ করা হবে।
বিসিএস পরীক্ষার আবেদনপত্র পূরণের পূর্বে প্রার্থীকে সংশ্লিষ্ট সকল নির্দেশনা সতর্কতার সাথে পাঠ করতে হবে। নির্ধারিত সময়ের মধ্যে আবেদনপত্র জমা না দিলে অথবা কোনো তথ্য ভুল প্রমাণিত হলে প্রার্থীতা বাতিল বলে গণ্য হবে। প্রার্থীর শিক্ষাগত যোগ্যতা, বয়স, জাতীয়তা ও অন্যান্য তথ্যের সমর্থনে সকল সনদপত্রের সত্যায়িত কপি মৌখিক পরীক্ষার সময় জমা দিতে হবে। কমিশন কর্তৃক নির্ধারিত তারিখে পরীক্ষা অনুষ্ঠিত হবে এবং পরীক্ষার সময়সূচি, আসনবিন্যাস ও অন্যান্য তথ্য কমিশনের ওয়েবসাইটে প্রকাশ করা হবে।
বিসিএস পরীক্ষার আবেদনপত্র পূরণের পূর্বে প্রার্থীকে সংশ্লিষ্ট সকল নির্দেশনা সতর্কতার সাথে পাঠ করতে হবে। নির্ধারিত সময়ের মধ্যে আবেদনপত্র জমা না দিলে অথবা কোনো তথ্য ভুল প্রমাণিত হলে প্রার্থীতা বাতিল বলে গণ্য হবে। প্রার্থীর শিক্ষাগত যোগ্যতা, বয়স, জাতীয়তা ও অন্যান্য তথ্যের সমর্থনে সকল সনদপত্রের সত্যায়িত কপি মৌখিক পরীক্ষার সময় জমা দিতে হবে। কমিশন কর্তৃক নির্ধারিত তারিখে পরীক্ষা অনুষ্ঠিত হবে এবং পরীক্ষার সময়সূচি, আসনবিন্যাস ও অন্যান্য তথ্য কমিশনের ওয়েবসাইটে প্রকাশ করা হবে।
বিসিএস পরীক্ষার আবেদনপত্র পূরণের পূর্বে প্রার্থীকে সংশ্লিষ্ট সকল নির্দেশনা সতর্কতার সাথে পাঠ করতে হবে। নির্ধারিত সময়ের মধ্যে আবেদনপত্র জমা না দিলে অথবা কোনো তথ্য ভুল প্রমাণিত হলে প্রার্থীতা বাতিল বলে গণ্য হবে। প্রার্থীর শিক্ষাগত যোগ্যতা, বয়স, জাতীয়তা ও অন্যান্য তথ্যের সমর্থনে সকল সনদপত্রের সত্যায়িত কপি মৌখিক পরীক্ষার সময় জমা দিতে হবে। কমিশন কর্তৃক নির্ধারিত তারিখে পরীক্ষা অনুষ্ঠিত হবে এবং পরীক্ষার সময়সূচি, আসনবিন্যাস ও অন্যান্য তথ্য কমিশনের ওয়েবসাইটে প্রকাশ করা হবে।
বিসিএস পরীক্ষার আবেদনপত্র পূরণের পূর্বে প্রার্থীকে সংশ্লিষ্ট সকল নির্দেশনা সতর্কতার সাথে পাঠ করতে হবে। নির্ধারিত সময়ের মধ্যে আবেদনপত্র জমা না দিলে অথবা কোনো তথ্য ভুল প্রমাণিত হলে প্রার্থীতা বাতিল বলে গণ্য হবে। প্রার্থীর শিক্ষাগত যোগ্যতা, বয়স, জাতীয়তা ও অন্যান্য তথ্যের সমর্থনে সকল সনদপত্রের সত্যায়িত কপি মৌখিক পরীক্ষার সময় জমা দিতে হবে। কমিশন কর্তৃক নির্ধারিত তারিখে পরীক্ষা অনুষ্ঠিত হবে এবং পরীক্ষার সময়সূচি, আসনবিন্যাস ও অন্যান্য তথ্য কমিশনের ওয়েবসাইটে প্রকাশ করা হবে।
বিসিএস পরীক্ষার আবেদনপত্র পূরণের পূর্বে প্রার্থীকে সংশ্লিষ্ট সকল নির্দেশনা সতর্কতার সাথে পাঠ করতে হবে। নির্ধারিত সময়ের মধ্যে আবেদনপত্র জমা না দিলে অথবা কোনো তথ্য ভুল প্রমাণিত হলে প্রার্থীতা বাতিল বলে গণ্য হবে। প্রার্থীর শিক্ষাগত যোগ্যতা, বয়স, জাতীয়তা ও অন্যান্য তথ্যের সমর্থনে সকল সনদপত্রের সত্যায়িত কপি মৌখিক পরীক্ষার সময় জমা দিতে হবে। কমিশন কর্তৃক নির্ধারিত তারিখে পরীক্ষা অনুষ্ঠিত হবে এবং পরীক্ষার সময়সূচি, আসনবিন্যাস ও অন্যান্য তথ্য কমিশনের ওয়েবসাইটে প্রকাশ করা হবে।
বিসিএস পরীক্ষার আবেদনপত্র পূরণের পূর্বে প্রার্থীকে সংশ্লিষ্ট সকল নির্দেশনা সতর্কতার সাথে পাঠ করতে হবে। নির্ধারিত সময়ের মধ্যে আবেদনপত্র জমা না দিলে অথবা কোনো তথ্য ভুল প্রমাণিত হলে প্রার্থীতা বাতিল বলে গণ্য হবে। প্রার্থীর শিক্ষাগত যোগ্যতা, বয়স, জাতীয়তা ও অন্যান্য তথ্যের সমর্থনে সকল সনদপত্রের সত্যায়িত কপি মৌখিক পরীক্ষার সময় জমা দিতে হবে। কমিশন কর্তৃক নির্ধারিত তারিখে পরীক্ষা অনুষ্ঠিত হবে এবং পরীক্ষার সময়সূচি, আসনবিন্যাস ও অন্যান্য তথ্য কমিশনের ওয়েবসাইটে প্রকাশ করা হবে।
See Page 19
